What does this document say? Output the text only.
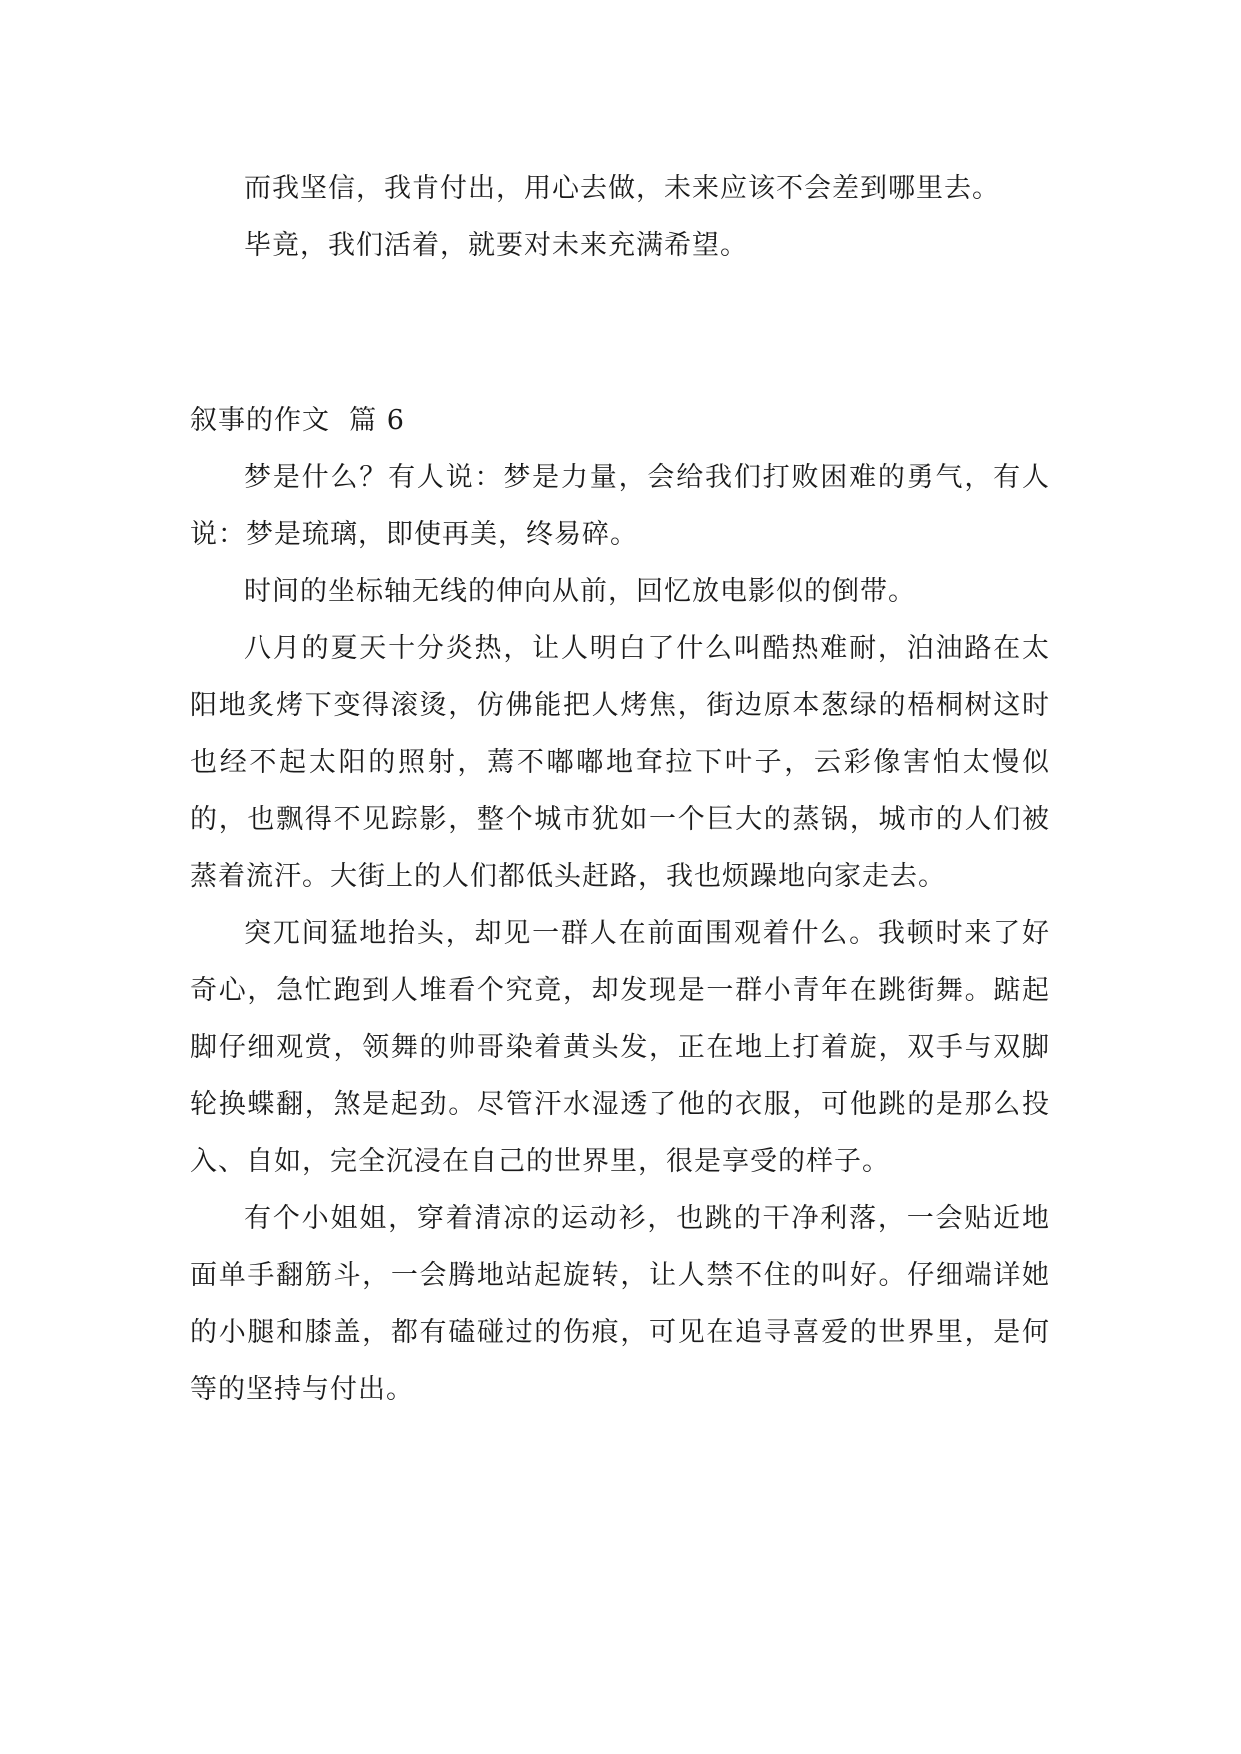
而我坚信，我肯付出，用心去做，未来应该不会差到哪里去。

毕竟，我们活着，就要对未来充满希望。

叙事的作文  篇 6

梦是什么？有人说：梦是力量，会给我们打败困难的勇气，有人说：梦是琉璃，即使再美，终易碎。

时间的坐标轴无线的伸向从前，回忆放电影似的倒带。

八月的夏天十分炎热，让人明白了什么叫酷热难耐，泊油路在太阳地炙烤下变得滚烫，仿佛能把人烤焦，街边原本葱绿的梧桐树这时也经不起太阳的照射，蔫不嘟嘟地耷拉下叶子，云彩像害怕太慢似的，也飘得不见踪影，整个城市犹如一个巨大的蒸锅，城市的人们被蒸着流汗。大街上的人们都低头赶路，我也烦躁地向家走去。

突兀间猛地抬头，却见一群人在前面围观着什么。我顿时来了好奇心，急忙跑到人堆看个究竟，却发现是一群小青年在跳街舞。踮起脚仔细观赏，领舞的帅哥染着黄头发，正在地上打着旋，双手与双脚轮换蝶翻，煞是起劲。尽管汗水湿透了他的衣服，可他跳的是那么投入、自如，完全沉浸在自己的世界里，很是享受的样子。

有个小姐姐，穿着清凉的运动衫，也跳的干净利落，一会贴近地面单手翻筋斗，一会腾地站起旋转，让人禁不住的叫好。仔细端详她的小腿和膝盖，都有磕碰过的伤痕，可见在追寻喜爱的世界里，是何等的坚持与付出。
